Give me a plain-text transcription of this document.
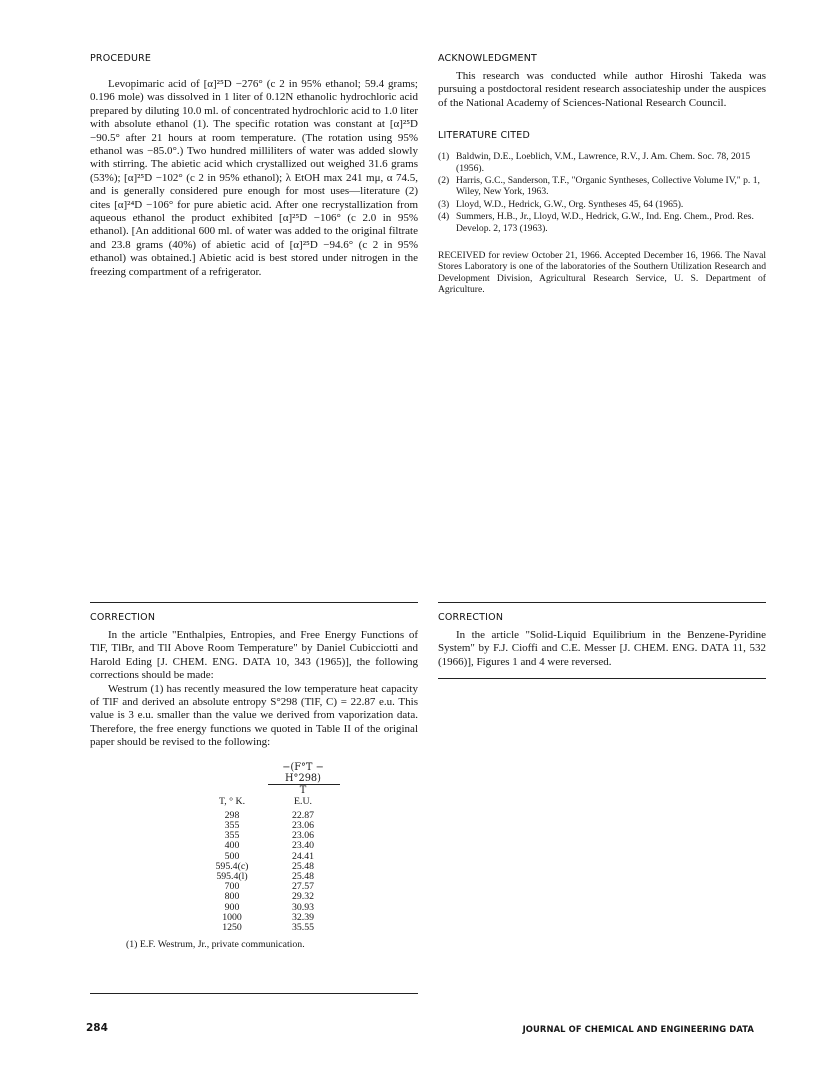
PROCEDURE

Levopimaric acid of [α]²⁵D −276° (c 2 in 95% ethanol; 59.4 grams; 0.196 mole) was dissolved in 1 liter of 0.12N ethanolic hydrochloric acid prepared by diluting 10.0 ml. of concentrated hydrochloric acid to 1.0 liter with absolute ethanol (1). The specific rotation was constant at [α]²⁵D −90.5° after 21 hours at room temperature. (The rotation using 95% ethanol was −85.0°.) Two hundred milliliters of water was added slowly with stirring. The abietic acid which crystallized out weighed 31.6 grams (53%); [α]²⁵D −102° (c 2 in 95% ethanol); λ EtOH max 241 mμ, α 74.5, and is generally considered pure enough for most uses—literature (2) cites [α]²⁴D −106° for pure abietic acid. After one recrystallization from aqueous ethanol the product exhibited [α]²⁵D −106° (c 2.0 in 95% ethanol). [An additional 600 ml. of water was added to the original filtrate and 23.8 grams (40%) of abietic acid of [α]²⁵D −94.6° (c 2 in 95% ethanol) was obtained.] Abietic acid is best stored under nitrogen in the freezing compartment of a refrigerator.

ACKNOWLEDGMENT

This research was conducted while author Hiroshi Takeda was pursuing a postdoctoral resident research associateship under the auspices of the National Academy of Sciences-National Research Council.

LITERATURE CITED
(1) Baldwin, D.E., Loeblich, V.M., Lawrence, R.V., J. Am. Chem. Soc. 78, 2015 (1956).
(2) Harris, G.C., Sanderson, T.F., "Organic Syntheses, Collective Volume IV," p. 1, Wiley, New York, 1963.
(3) Lloyd, W.D., Hedrick, G.W., Org. Syntheses 45, 64 (1965).
(4) Summers, H.B., Jr., Lloyd, W.D., Hedrick, G.W., Ind. Eng. Chem., Prod. Res. Develop. 2, 173 (1963).

RECEIVED for review October 21, 1966. Accepted December 16, 1966. The Naval Stores Laboratory is one of the laboratories of the Southern Utilization Research and Development Division, Agricultural Research Service, U. S. Department of Agriculture.

CORRECTION

In the article "Enthalpies, Entropies, and Free Energy Functions of TlF, TlBr, and TlI Above Room Temperature" by Daniel Cubicciotti and Harold Eding [J. CHEM. ENG. DATA 10, 343 (1965)], the following corrections should be made:

Westrum (1) has recently measured the low temperature heat capacity of TlF and derived an absolute entropy S°298 (TlF, C) = 22.87 e.u. This value is 3 e.u. smaller than the value we derived from vaporization data. Therefore, the free energy functions we quoted in Table II of the original paper should be revised to the following:

−(F°T − H°298)
T
T, ° K.	E.U.
298	22.87
355	23.06
355	23.06
400	23.40
500	24.41
595.4(c)	25.48
595.4(l)	25.48
700	27.57
800	29.32
900	30.93
1000	32.39
1250	35.55

(1) E.F. Westrum, Jr., private communication.

CORRECTION

In the article "Solid-Liquid Equilibrium in the Benzene-Pyridine System" by F.J. Cioffi and C.E. Messer [J. CHEM. ENG. DATA 11, 532 (1966)], Figures 1 and 4 were reversed.

284	JOURNAL OF CHEMICAL AND ENGINEERING DATA
